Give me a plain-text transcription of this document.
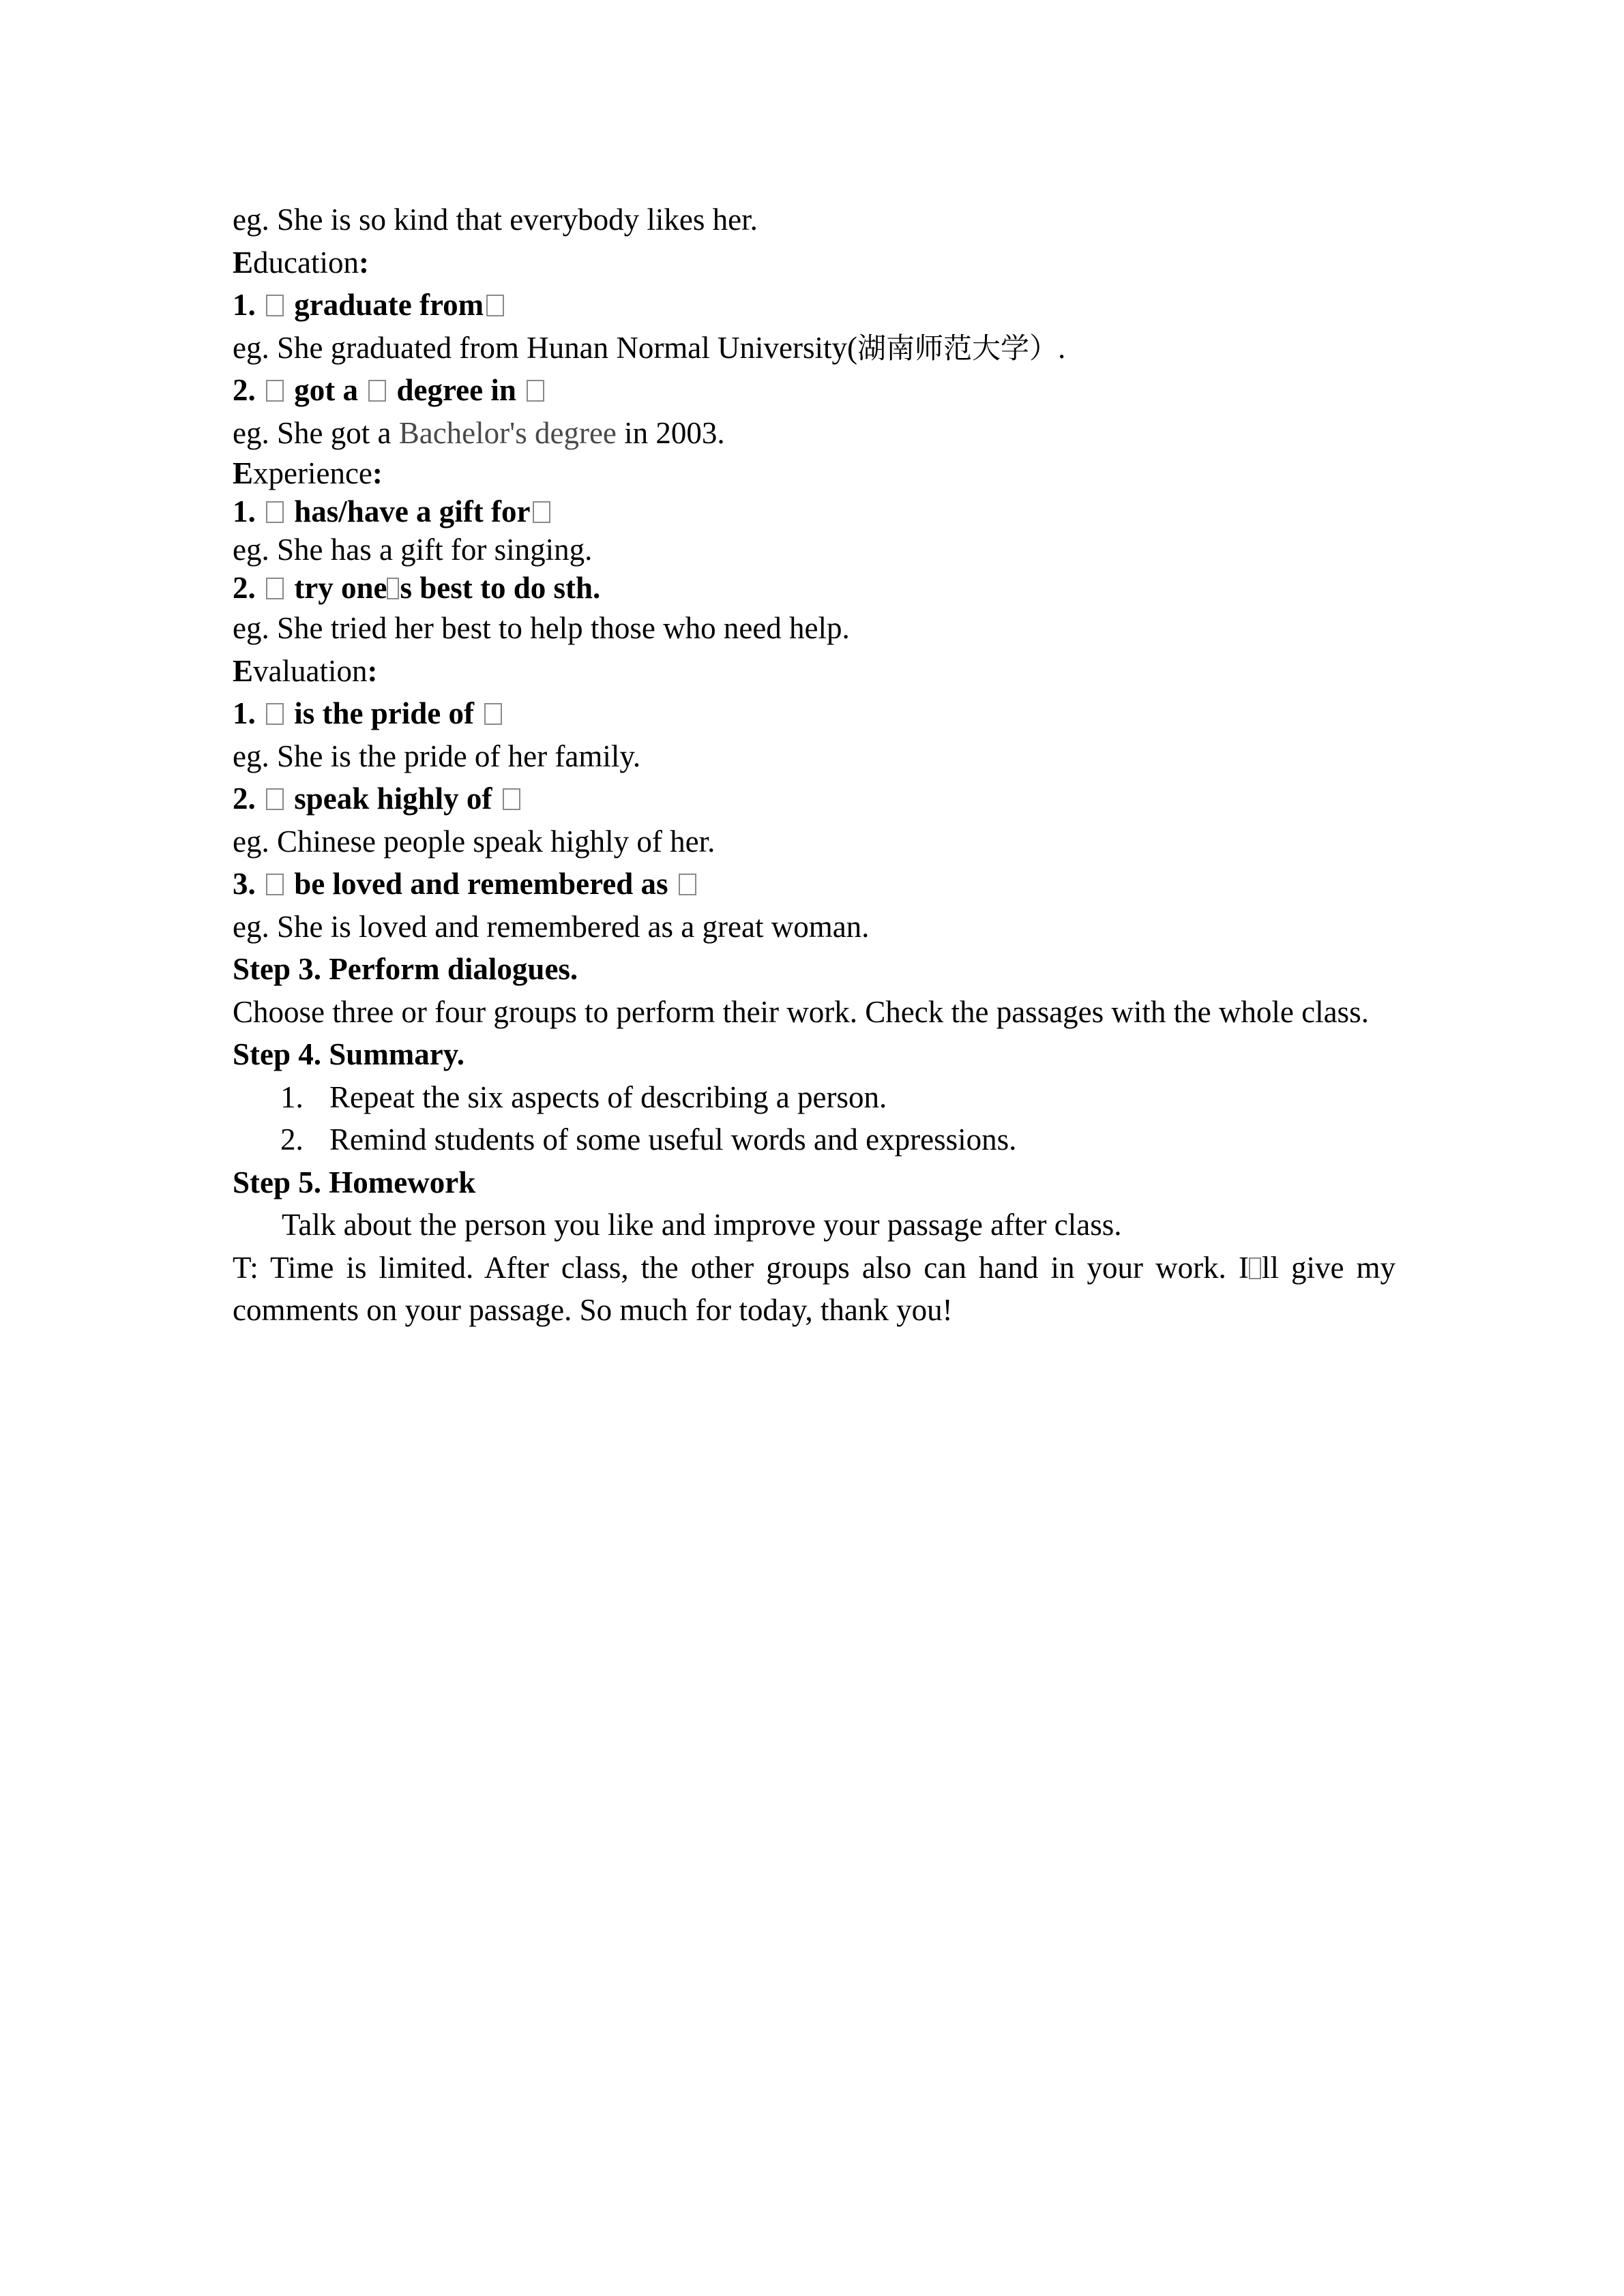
eg. She is so kind that everybody likes her.
Education:
1. graduate from
eg. She graduated from Hunan Normal University(湖南师范大学）.
2. got a degree in
eg. She got a Bachelor's degree in 2003.
Experience:
1. has/have a gift for
eg. She has a gift for singing.
2. try one s best to do sth.
eg. She tried her best to help those who need help.
Evaluation:
1. is the pride of
eg. She is the pride of her family.
2. speak highly of
eg. Chinese people speak highly of her.
3. be loved and remembered as
eg. She is loved and remembered as a great woman.
Step 3. Perform dialogues.
Choose three or four groups to perform their work. Check the passages with the whole class.
Step 4. Summary.
1. Repeat the six aspects of describing a person.
2. Remind students of some useful words and expressions.
Step 5. Homework
Talk about the person you like and improve your passage after class.
T: Time is limited. After class, the other groups also can hand in your work. I ll give my comments on your passage. So much for today, thank you!
